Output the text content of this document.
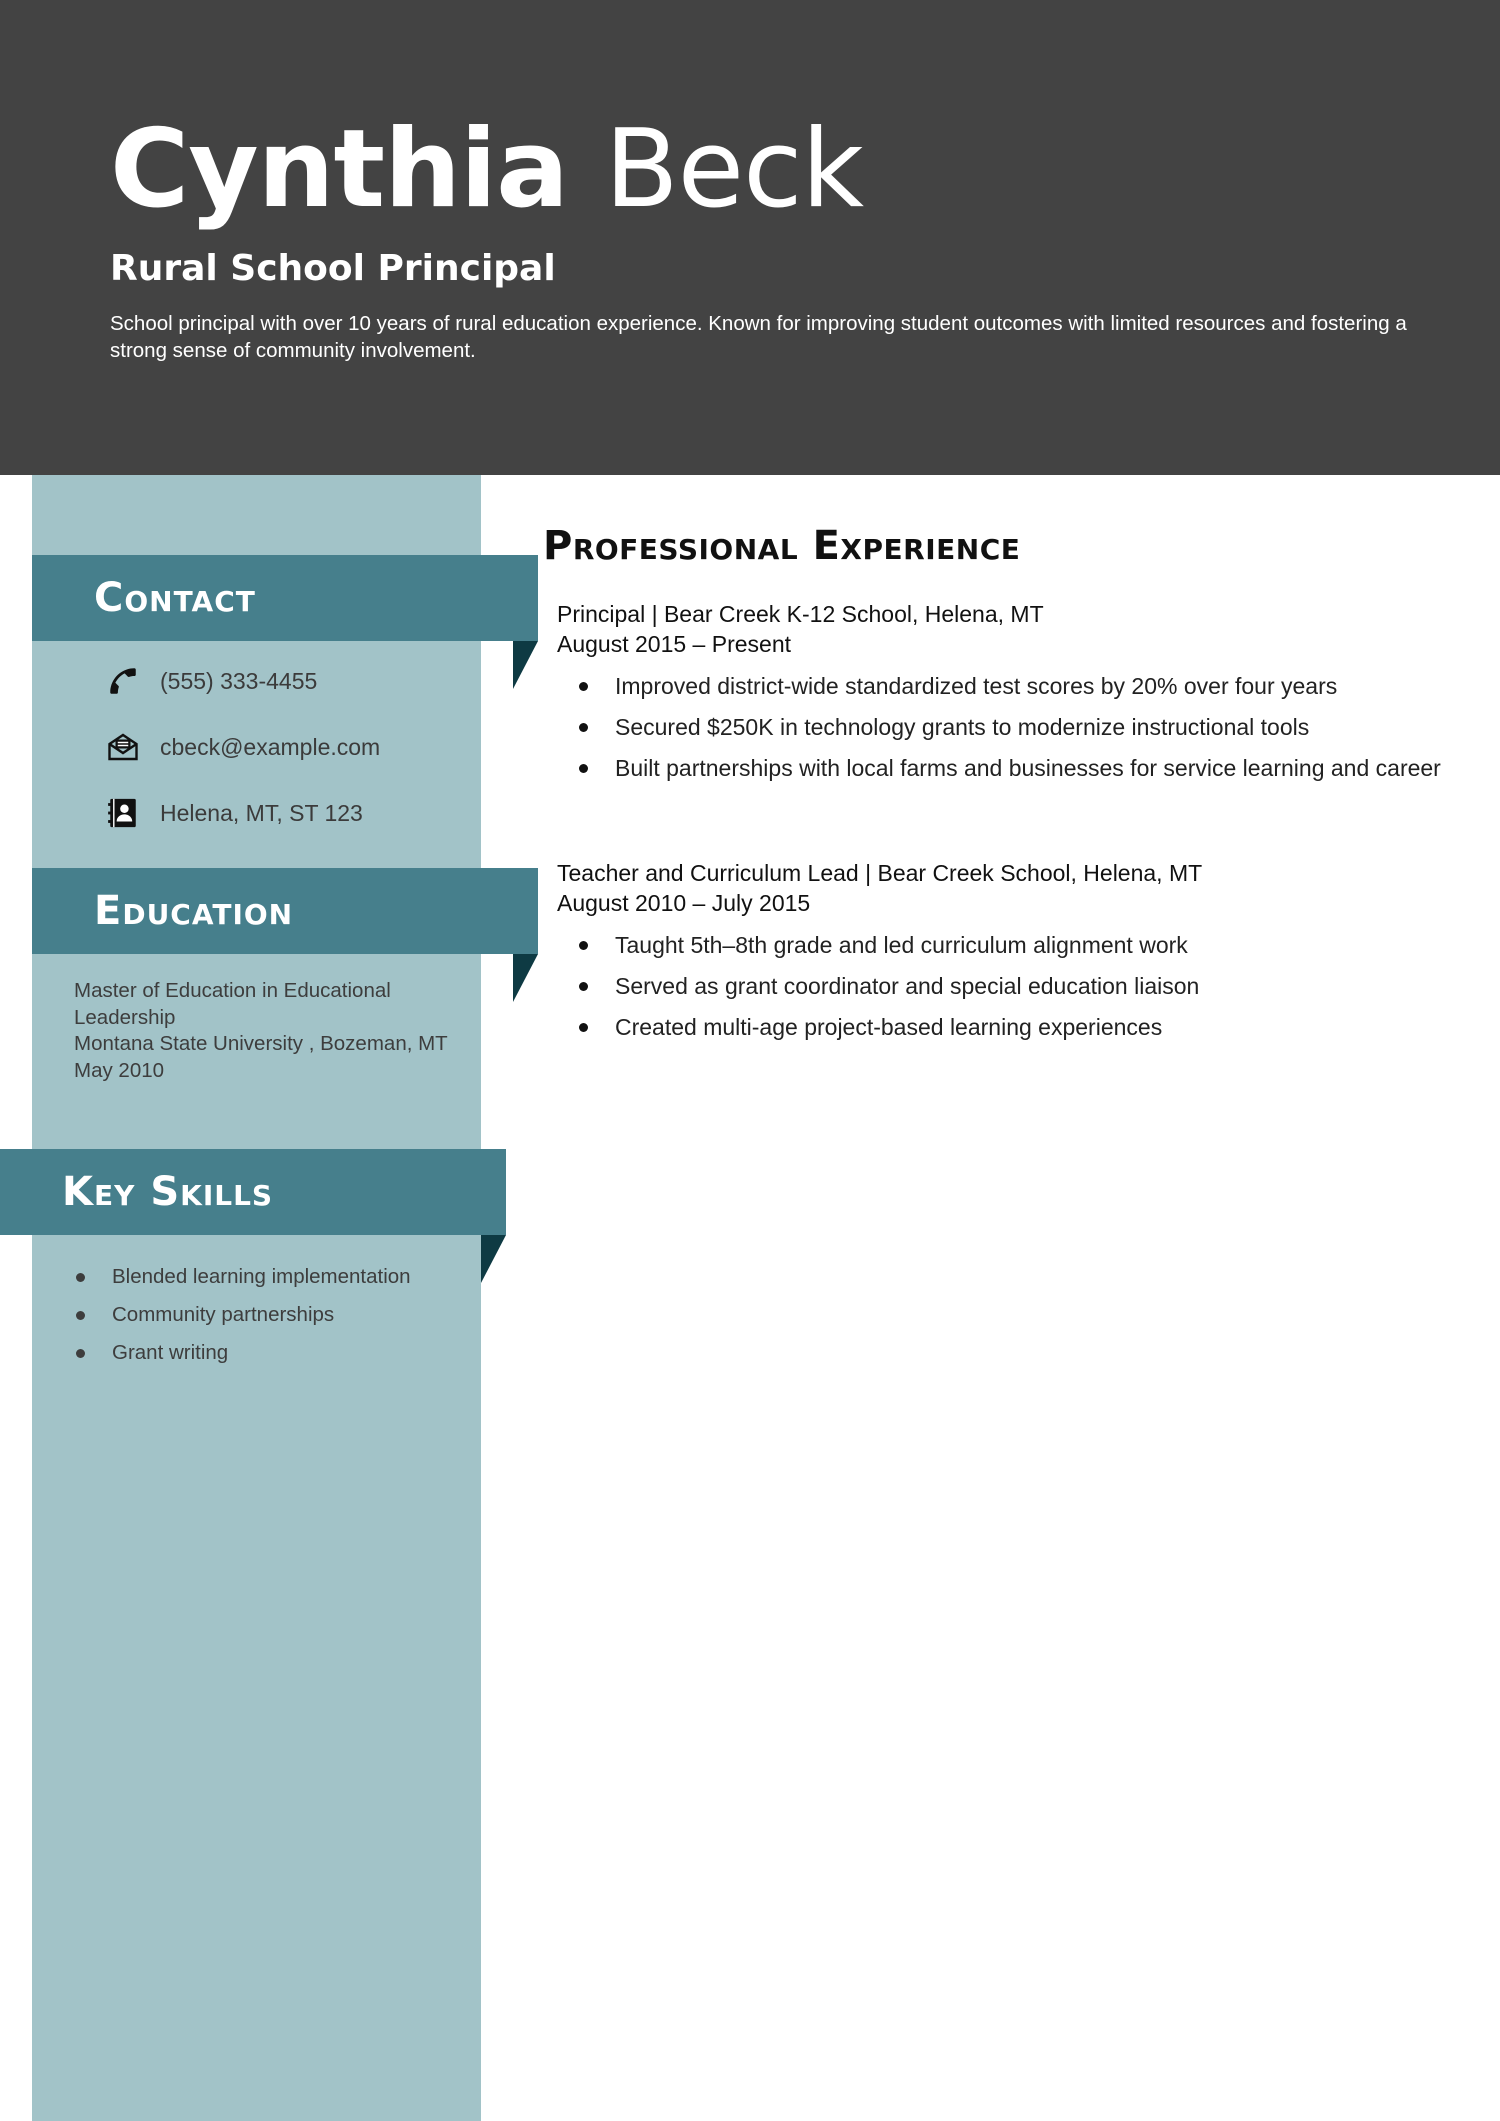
Cynthia Beck
Rural School Principal

School principal with over 10 years of rural education experience. Known for improving student outcomes with limited resources and fostering a strong sense of community involvement.

Contact
(555) 333-4455
cbeck@example.com
Helena, MT, ST 123
Education
Master of Education in Educational Leadership
Montana State University , Bozeman, MT
May 2010
Key Skills
Blended learning implementation
Community partnerships
Grant writing
Professional Experience
Principal | Bear Creek K-12 School, Helena, MT
August 2015 – Present
Improved district-wide standardized test scores by 20% over four years
Secured $250K in technology grants to modernize instructional tools
Built partnerships with local farms and businesses for service learning and career
Teacher and Curriculum Lead | Bear Creek School, Helena, MT
August 2010 – July 2015
Taught 5th–8th grade and led curriculum alignment work
Served as grant coordinator and special education liaison
Created multi-age project-based learning experiences
